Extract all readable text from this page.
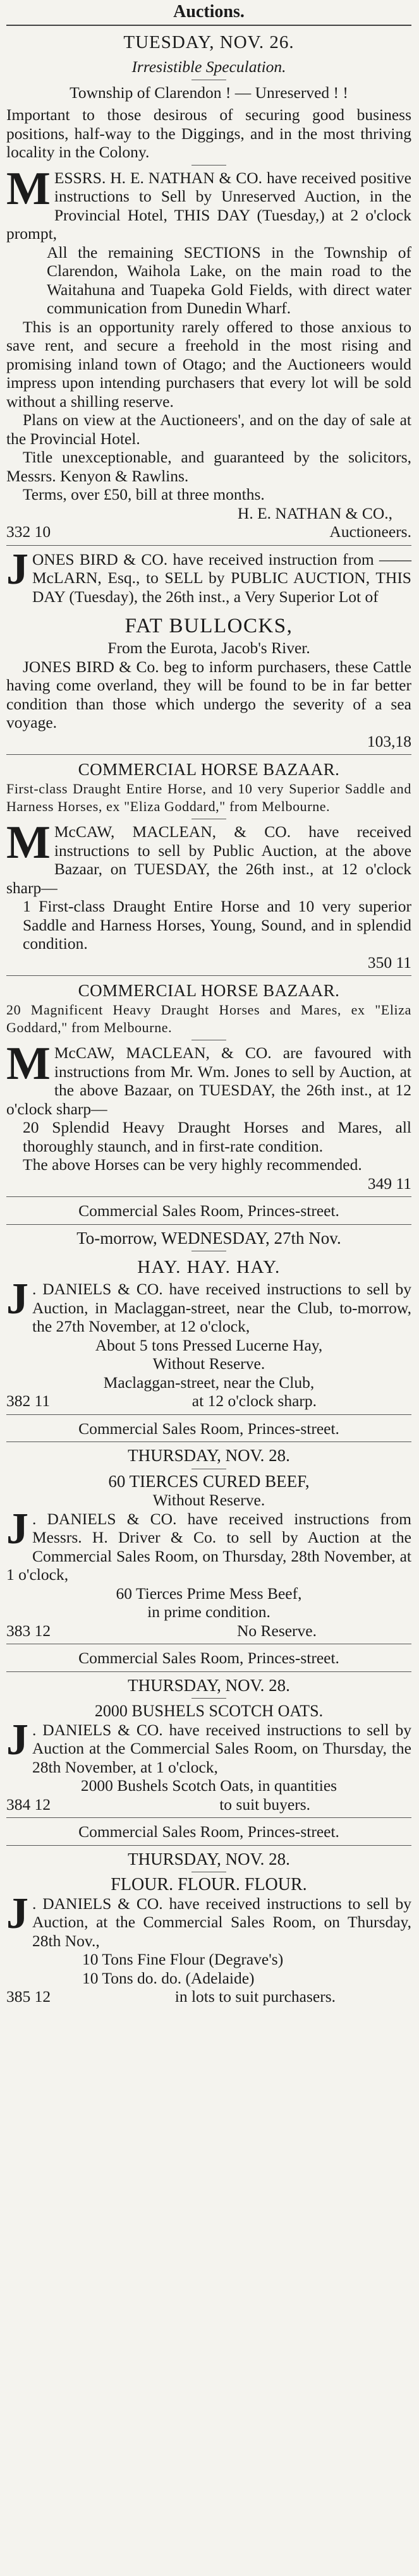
Auctions.

TUESDAY, NOV. 26.

Irresistible Speculation.

Township of Clarendon ! — Unreserved ! !

Important to those desirous of securing good business positions, half-way to the Diggings, and in the most thriving locality in the Colony.

M ESSRS. H. E. NATHAN & CO. have received positive instructions to Sell by Unreserved Auction, in the Provincial Hotel, THIS DAY (Tuesday,) at 2 o'clock prompt,

All the remaining SECTIONS in the Township of Clarendon, Waihola Lake, on the main road to the Waitahuna and Tuapeka Gold Fields, with direct water communication from Dunedin Wharf.

This is an opportunity rarely offered to those anxious to save rent, and secure a freehold in the most rising and promising inland town of Otago; and the Auctioneers would impress upon intending purchasers that every lot will be sold without a shilling reserve.

Plans on view at the Auctioneers', and on the day of sale at the Provincial Hotel.

Title unexceptionable, and guaranteed by the solicitors, Messrs. Kenyon & Rawlins.

Terms, over £50, bill at three months.

H. E. NATHAN & CO.,

332 10	Auctioneers.
J ONES BIRD & CO. have received instruction from —— McLARN, Esq., to SELL by PUBLIC AUCTION, THIS DAY (Tuesday), the 26th inst., a Very Superior Lot of

FAT BULLOCKS,

From the Eurota, Jacob's River.

JONES BIRD & Co. beg to inform purchasers, these Cattle having come overland, they will be found to be in far better condition than those which undergo the severity of a sea voyage.

103,18

COMMERCIAL HORSE BAZAAR.

First-class Draught Entire Horse, and 10 very Superior Saddle and Harness Horses, ex "Eliza Goddard," from Melbourne.

M McCAW, MACLEAN, & CO. have received instructions to sell by Public Auction, at the above Bazaar, on TUESDAY, the 26th inst., at 12 o'clock sharp—

1 First-class Draught Entire Horse and 10 very superior Saddle and Harness Horses, Young, Sound, and in splendid condition.

350 11

COMMERCIAL HORSE BAZAAR.

20 Magnificent Heavy Draught Horses and Mares, ex "Eliza Goddard," from Melbourne.

M McCAW, MACLEAN, & CO. are favoured with instructions from Mr. Wm. Jones to sell by Auction, at the above Bazaar, on TUESDAY, the 26th inst., at 12 o'clock sharp—

20 Splendid Heavy Draught Horses and Mares, all thoroughly staunch, and in first-rate condition.

The above Horses can be very highly recommended.

349 11

Commercial Sales Room, Princes-street.

To-morrow, WEDNESDAY, 27th Nov.

HAY. HAY. HAY.

J . DANIELS & CO. have received instructions to sell by Auction, in Maclaggan-street, near the Club, to-morrow, the 27th November, at 12 o'clock,

About 5 tons Pressed Lucerne Hay,

Without Reserve.

Maclaggan-street, near the Club,

382 11	at 12 o'clock sharp.

Commercial Sales Room, Princes-street.

THURSDAY, NOV. 28.

60 TIERCES CURED BEEF,

Without Reserve.

J . DANIELS & CO. have received instructions from Messrs. H. Driver & Co. to sell by Auction at the Commercial Sales Room, on Thursday, 28th November, at 1 o'clock,

60 Tierces Prime Mess Beef,

in prime condition.

383 12	No Reserve.

Commercial Sales Room, Princes-street.

THURSDAY, NOV. 28.

2000 BUSHELS SCOTCH OATS.

J . DANIELS & CO. have received instructions to sell by Auction at the Commercial Sales Room, on Thursday, the 28th November, at 1 o'clock,

2000 Bushels Scotch Oats, in quantities

384 12	to suit buyers.

Commercial Sales Room, Princes-street.

THURSDAY, NOV. 28.

FLOUR. FLOUR. FLOUR.

J . DANIELS & CO. have received instructions to sell by Auction, at the Commercial Sales Room, on Thursday, 28th Nov.,

10 Tons Fine Flour (Degrave's)

10 Tons do. do. (Adelaide)

385 12	in lots to suit purchasers.
